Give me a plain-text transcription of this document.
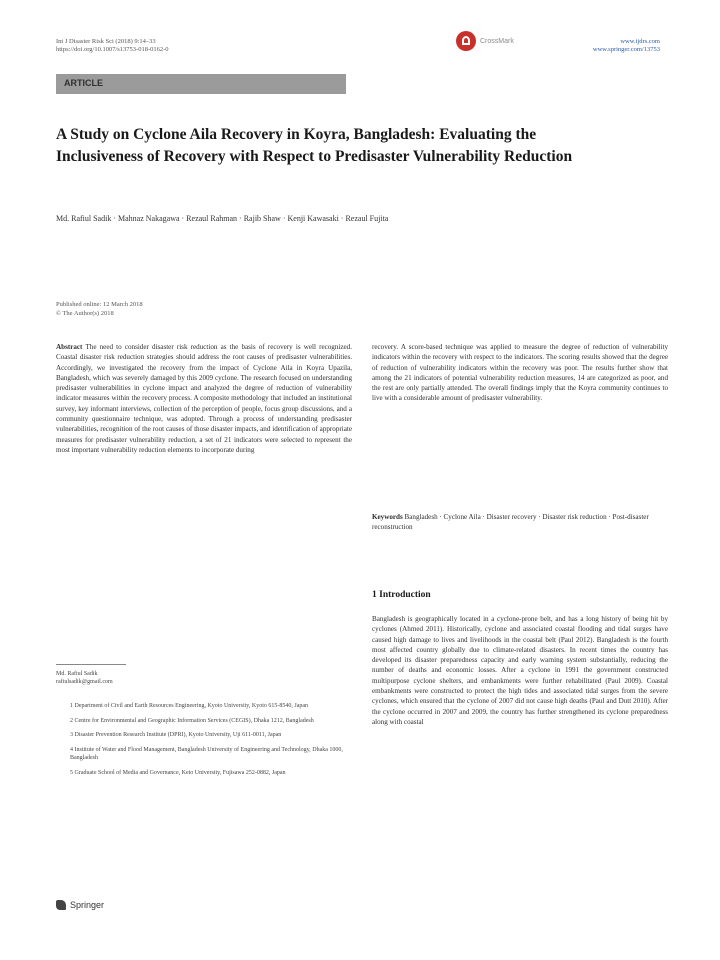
Int J Disaster Risk Sci (2018) 9:14–33
https://doi.org/10.1007/s13753-018-0162-0
CrossMark	www.ijdrs.com
www.springer.com/13753
ARTICLE
A Study on Cyclone Aila Recovery in Koyra, Bangladesh: Evaluating the Inclusiveness of Recovery with Respect to Predisaster Vulnerability Reduction
Md. Rafiul Sadik · Mahnaz Nakagawa · Rezaul Rahman · Rajib Shaw · Kenji Kawasaki · Rezaul Fujita
Published online: 12 March 2018
© The Author(s) 2018
Abstract The need to consider disaster risk reduction as the basis of recovery is well recognized. Coastal disaster risk reduction strategies should address the root causes of predisaster vulnerabilities. Accordingly, we investigated the recovery from the impact of Cyclone Aila in Koyra Upazila, Bangladesh, which was severely damaged by this 2009 cyclone. The research focused on understanding predisaster vulnerabilities in cyclone impact and analyzed the degree of reduction of vulnerability indicator measures within the recovery process. A composite methodology that included an institutional survey, key informant interviews, collection of the perception of people, focus group discussions, and a community questionnaire technique, was adopted. Through a process of understanding predisaster vulnerabilities, recognition of the root causes of those disaster impacts, and identification of appropriate measures for predisaster vulnerability reduction, a set of 21 indicators were selected to represent the most important vulnerability reduction elements to incorporate during
recovery. A score-based technique was applied to measure the degree of reduction of vulnerability indicators within the recovery with respect to the indicators. The scoring results showed that the degree of reduction of vulnerability indicators within the recovery was poor. The results further show that among the 21 indicators of potential vulnerability reduction measures, 14 are categorized as poor, and the rest are only partially attended. The overall findings imply that the Koyra community continues to live with a considerable amount of predisaster vulnerability.
Keywords Bangladesh · Cyclone Aila · Disaster recovery · Disaster risk reduction · Post-disaster reconstruction
1 Introduction
Bangladesh is geographically located in a cyclone-prone belt, and has a long history of being hit by cyclones (Ahmed 2011). Historically, cyclone and associated coastal flooding and tidal surges have caused high damage to lives and livelihoods in the coastal belt (Paul 2012). Bangladesh is the fourth most affected country globally due to climate-related disasters. In recent times the country has developed its disaster preparedness capacity and early warning system substantially, reducing the number of deaths and economic losses. After a cyclone in 1991 the government constructed multipurpose cyclone shelters, and embankments were further rehabilitated (Paul 2009). Coastal embankments were constructed to protect the high tides and associated tidal surges from the severe cyclones, which ensured that the cyclone of 2007 did not cause high deaths (Paul and Dutt 2010). After the cyclone occurred in 2007 and 2009, the country has further strengthened its cyclone preparedness along with coastal
Md. Rafiul Sadik
rafiulsadik@gmail.com

1 Department of Civil and Earth Resources Engineering, Kyoto University, Kyoto 615-8540, Japan

2 Centre for Environmental and Geographic Information Services (CEGIS), Dhaka 1212, Bangladesh

3 Disaster Prevention Research Institute (DPRI), Kyoto University, Uji 611-0011, Japan

4 Institute of Water and Flood Management, Bangladesh University of Engineering and Technology, Dhaka 1000, Bangladesh

5 Graduate School of Media and Governance, Keio University, Fujisawa 252-0882, Japan

Springer
